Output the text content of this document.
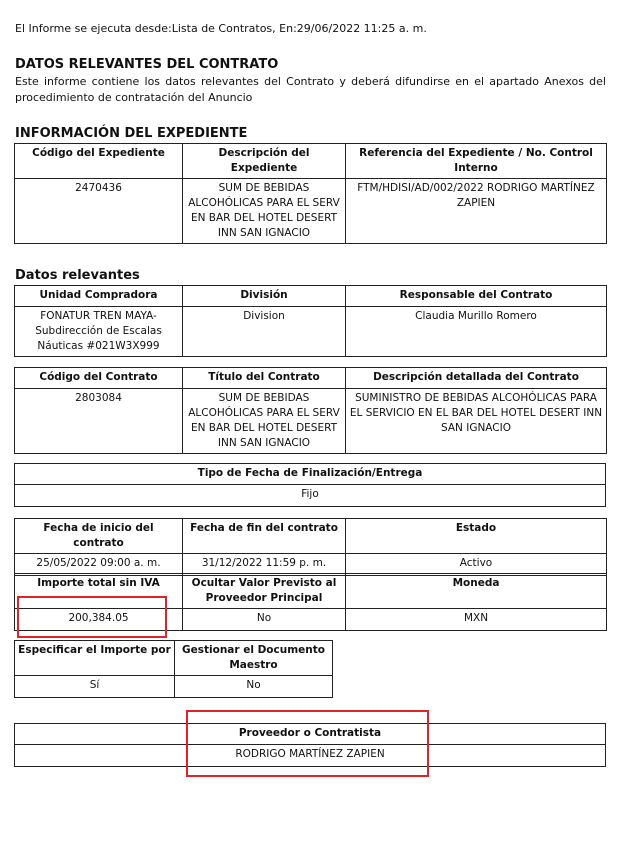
El Informe se ejecuta desde:Lista de Contratos, En:29/06/2022 11:25 a. m.
DATOS RELEVANTES DEL CONTRATO
Este informe contiene los datos relevantes del Contrato y deberá difundirse en el apartado Anexos del procedimiento de contratación del Anuncio
INFORMACIÓN DEL EXPEDIENTE
Código del Expediente	Descripción del Expediente	Referencia del Expediente / No. Control Interno
2470436	SUM DE BEBIDAS ALCOHÓLICAS PARA EL SERV EN BAR DEL HOTEL DESERT INN SAN IGNACIO	FTM/HDISI/AD/002/2022 RODRIGO MARTÍNEZ ZAPIEN
Datos relevantes
Unidad Compradora	División	Responsable del Contrato
FONATUR TREN MAYA-Subdirección de Escalas Náuticas #021W3X999	Division	Claudia Murillo Romero
Código del Contrato	Título del Contrato	Descripción detallada del Contrato
2803084	SUM DE BEBIDAS ALCOHÓLICAS PARA EL SERV EN BAR DEL HOTEL DESERT INN SAN IGNACIO	SUMINISTRO DE BEBIDAS ALCOHÓLICAS PARA EL SERVICIO EN EL BAR DEL HOTEL DESERT INN SAN IGNACIO
Tipo de Fecha de Finalización/Entrega
Fijo
Fecha de inicio del contrato	Fecha de fin del contrato	Estado
25/05/2022 09:00 a. m.	31/12/2022 11:59 p. m.	Activo
Importe total sin IVA	Ocultar Valor Previsto al Proveedor Principal	Moneda
200,384.05	No	MXN
Especificar el Importe por	Gestionar el Documento Maestro
Sí	No
Proveedor o Contratista
RODRIGO MARTÍNEZ ZAPIEN
